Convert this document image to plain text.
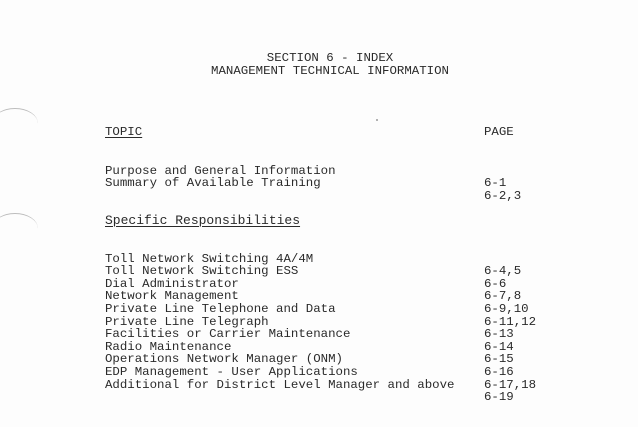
SECTION 6 - INDEX
MANAGEMENT TECHNICAL INFORMATION
TOPIC	PAGE

Purpose and General Information

6-1

Summary of Available Training

6-2,3

Specific Responsibilities

Toll Network Switching 4A/4M

6-4,5

Toll Network Switching ESS

6-6

Dial Administrator

6-7,8

Network Management

6-9,10

Private Line Telephone and Data

6-11,12

Private Line Telegraph

6-13

Facilities or Carrier Maintenance

6-14

Radio Maintenance

6-15

Operations Network Manager (ONM)

6-16

EDP Management - User Applications

6-17,18

Additional for District Level Manager and above

6-19
